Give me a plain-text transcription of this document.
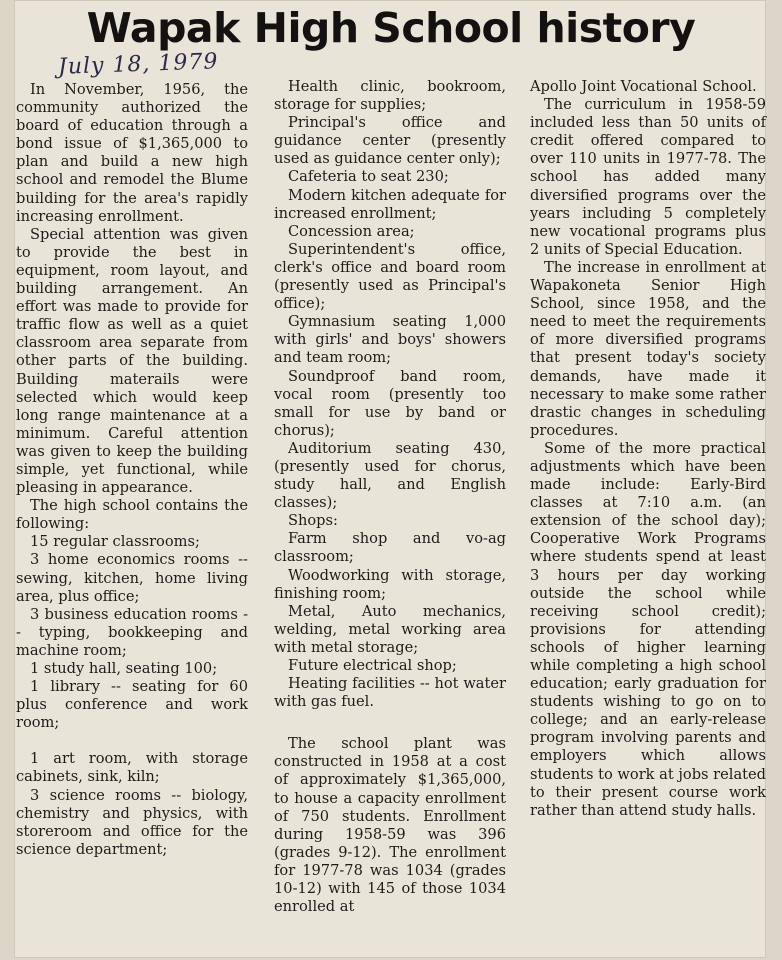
Wapak High School history
July 18, 1979

In November, 1956, the community authorized the board of education through a bond issue of $1,365,000 to plan and build a new high school and remodel the Blume building for the area's rapidly increasing enrollment.

Special attention was given to provide the best in equipment, room layout, and building arrangement. An effort was made to provide for traffic flow as well as a quiet classroom area separate from other parts of the building. Building materails were selected which would keep long range maintenance at a minimum. Careful attention was given to keep the building simple, yet functional, while pleasing in appearance.

The high school contains the following:

15 regular classrooms;

3 home economics rooms -- sewing, kitchen, home living area, plus office;

3 business education rooms -- typing, bookkeeping and machine room;

1 study hall, seating 100;

1 library -- seating for 60 plus conference and work room;

1 art room, with storage cabinets, sink, kiln;

3 science rooms -- biology, chemistry and physics, with storeroom and office for the science department;

Health clinic, bookroom, storage for supplies;

Principal's office and guidance center (presently used as guidance center only);

Cafeteria to seat 230;

Modern kitchen adequate for increased enrollment;

Concession area;

Superintendent's office, clerk's office and board room (presently used as Principal's office);

Gymnasium seating 1,000 with girls' and boys' showers and team room;

Soundproof band room, vocal room (presently too small for use by band or chorus);

Auditorium seating 430, (presently used for chorus, study hall, and English classes);

Shops:

Farm shop and vo-ag classroom;

Woodworking with storage, finishing room;

Metal, Auto mechanics, welding, metal working area with metal storage;

Future electrical shop;

Heating facilities -- hot water with gas fuel.

The school plant was constructed in 1958 at a cost of approximately $1,365,000, to house a capacity enrollment of 750 students. Enrollment during 1958-59 was 396 (grades 9-12). The enrollment for 1977-78 was 1034 (grades 10-12) with 145 of those 1034 enrolled at

Apollo Joint Vocational School.

The curriculum in 1958-59 included less than 50 units of credit offered compared to over 110 units in 1977-78. The school has added many diversified programs over the years including 5 completely new vocational programs plus 2 units of Special Education.

The increase in enrollment at Wapakoneta Senior High School, since 1958, and the need to meet the requirements of more diversified programs that present today's society demands, have made it necessary to make some rather drastic changes in scheduling procedures.

Some of the more practical adjustments which have been made include: Early-Bird classes at 7:10 a.m. (an extension of the school day); Cooperative Work Programs where students spend at least 3 hours per day working outside the school while receiving school credit); provisions for attending schools of higher learning while completing a high school education; early graduation for students wishing to go on to college; and an early-release program involving parents and employers which allows students to work at jobs related to their present course work rather than attend study halls.
